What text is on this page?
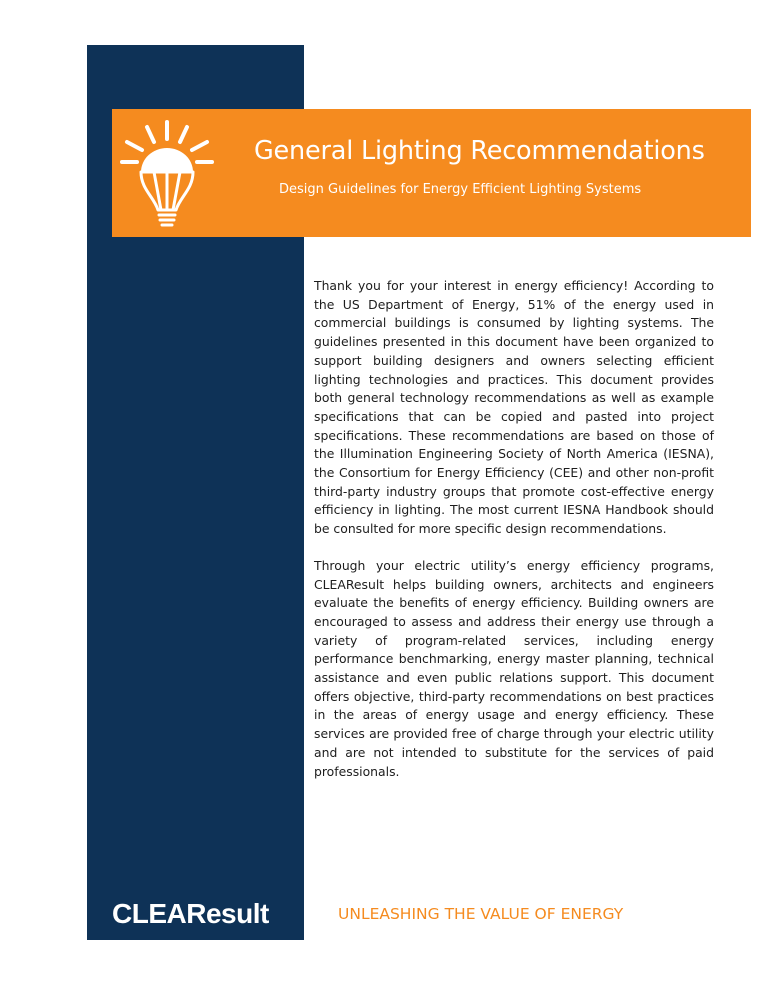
General Lighting Recommendations
Design Guidelines for Energy Efficient Lighting Systems

Thank you for your interest in energy efficiency! According to the US Department of Energy, 51% of the energy used in commercial buildings is consumed by lighting systems. The guidelines presented in this document have been organized to support building designers and owners selecting efficient lighting technologies and practices. This document provides both general technology recommendations as well as example specifications that can be copied and pasted into project specifications. These recommendations are based on those of the Illumination Engineering Society of North America (IESNA), the Consortium for Energy Efficiency (CEE) and other non-profit third-party industry groups that promote cost-effective energy efficiency in lighting. The most current IESNA Handbook should be consulted for more specific design recommendations.

Through your electric utility’s energy efficiency programs, CLEAResult helps building owners, architects and engineers evaluate the benefits of energy efficiency. Building owners are encouraged to assess and address their energy use through a variety of program-related services, including energy performance benchmarking, energy master planning, technical assistance and even public relations support. This document offers objective, third-party recommendations on best practices in the areas of energy usage and energy efficiency. These services are provided free of charge through your electric utility and are not intended to substitute for the services of paid professionals.

CLEAResult	UNLEASHING THE VALUE OF ENERGY
